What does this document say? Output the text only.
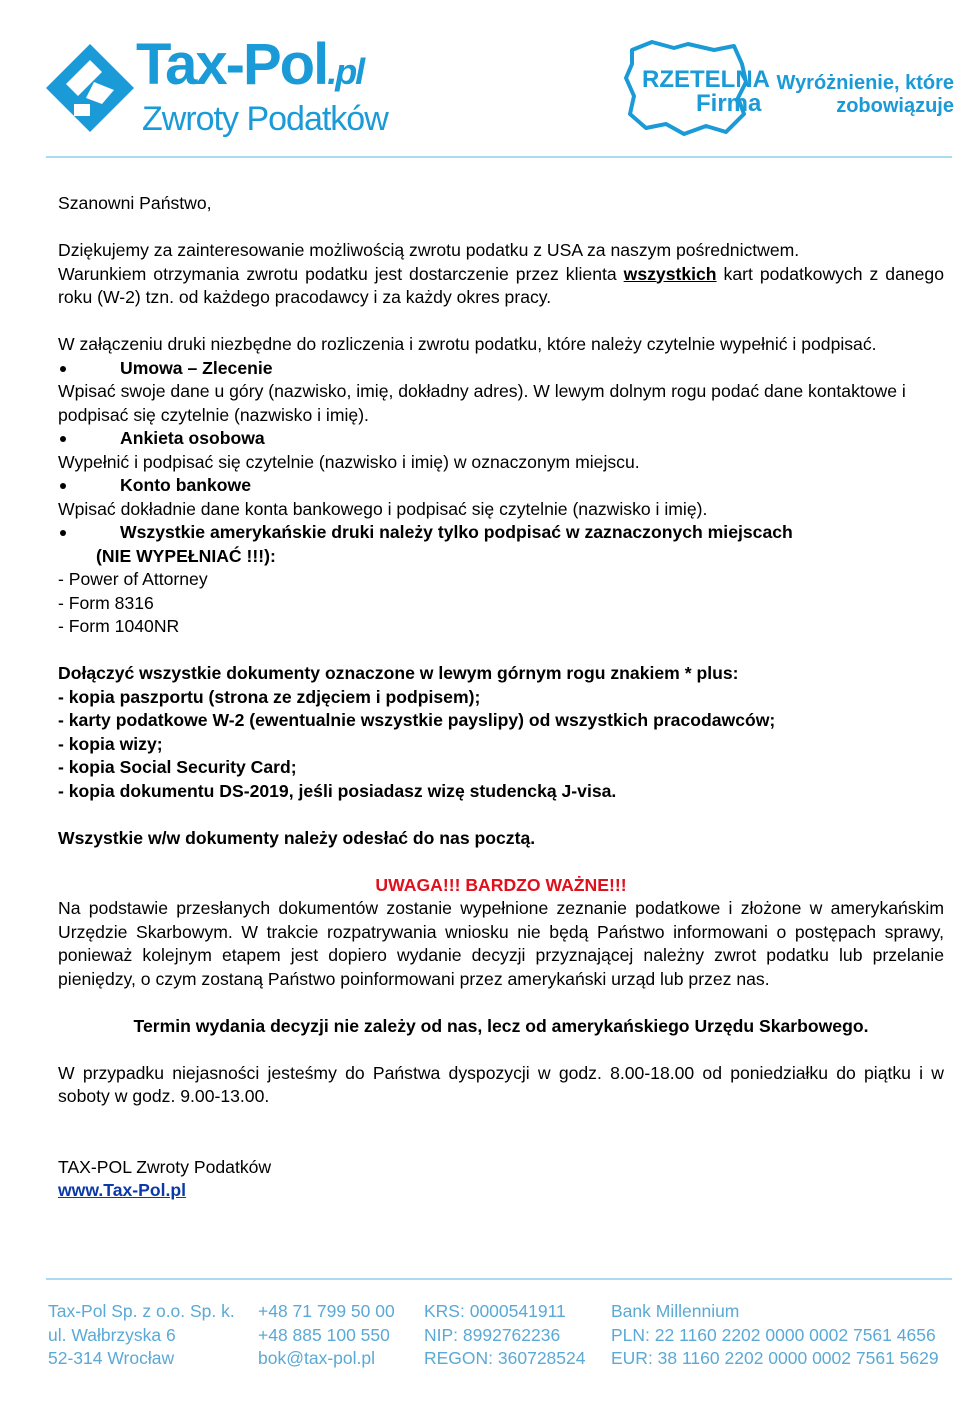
Tax-Pol.pl
Zwroty Podatków
RZETELNA
Firma
Wyróżnienie, które
zobowiązuje

Szanowni Państwo,

Dziękujemy za zainteresowanie możliwością zwrotu podatku z USA za naszym pośrednictwem.

Warunkiem otrzymania zwrotu podatku jest dostarczenie przez klienta wszystkich kart podatkowych z danego roku (W-2) tzn. od każdego pracodawcy i za każdy okres pracy.

W załączeniu druki niezbędne do rozliczenia i zwrotu podatku, które należy czytelnie wypełnić i podpisać.

Umowa – Zlecenie

Wpisać swoje dane u góry (nazwisko, imię, dokładny adres). W lewym dolnym rogu podać dane kontaktowe i podpisać się czytelnie (nazwisko i imię).

Ankieta osobowa

Wypełnić i podpisać się czytelnie (nazwisko i imię) w oznaczonym miejscu.

Konto bankowe

Wpisać dokładnie dane konta bankowego i podpisać się czytelnie (nazwisko i imię).

Wszystkie amerykańskie druki należy tylko podpisać w zaznaczonych miejscach

(NIE WYPEŁNIAĆ !!!):

- Power of Attorney

- Form 8316

- Form 1040NR

Dołączyć wszystkie dokumenty oznaczone w lewym górnym rogu znakiem * plus:

- kopia paszportu (strona ze zdjęciem i podpisem);

- karty podatkowe W-2 (ewentualnie wszystkie payslipy) od wszystkich pracodawców;

- kopia wizy;

- kopia Social Security Card;

- kopia dokumentu DS-2019, jeśli posiadasz wizę studencką J-visa.

Wszystkie w/w dokumenty należy odesłać do nas pocztą.

UWAGA!!! BARDZO WAŻNE!!!

Na podstawie przesłanych dokumentów zostanie wypełnione zeznanie podatkowe i złożone w amerykańskim Urzędzie Skarbowym. W trakcie rozpatrywania wniosku nie będą Państwo informowani o postępach sprawy, ponieważ kolejnym etapem jest dopiero wydanie decyzji przyznającej należny zwrot podatku lub przelanie pieniędzy, o czym zostaną Państwo poinformowani przez amerykański urząd lub przez nas.

Termin wydania decyzji nie zależy od nas, lecz od amerykańskiego Urzędu Skarbowego.

W przypadku niejasności jesteśmy do Państwa dyspozycji w godz. 8.00-18.00 od poniedziałku do piątku i w soboty w godz. 9.00-13.00.

TAX-POL Zwroty Podatków

www.Tax-Pol.pl

Tax-Pol Sp. z o.o. Sp. k.
ul. Wałbrzyska 6
52-314 Wrocław
+48 71 799 50 00
+48 885 100 550
bok@tax-pol.pl
KRS: 0000541911
NIP: 8992762236
REGON: 360728524
Bank Millennium
PLN: 22 1160 2202 0000 0002 7561 4656
EUR: 38 1160 2202 0000 0002 7561 5629
